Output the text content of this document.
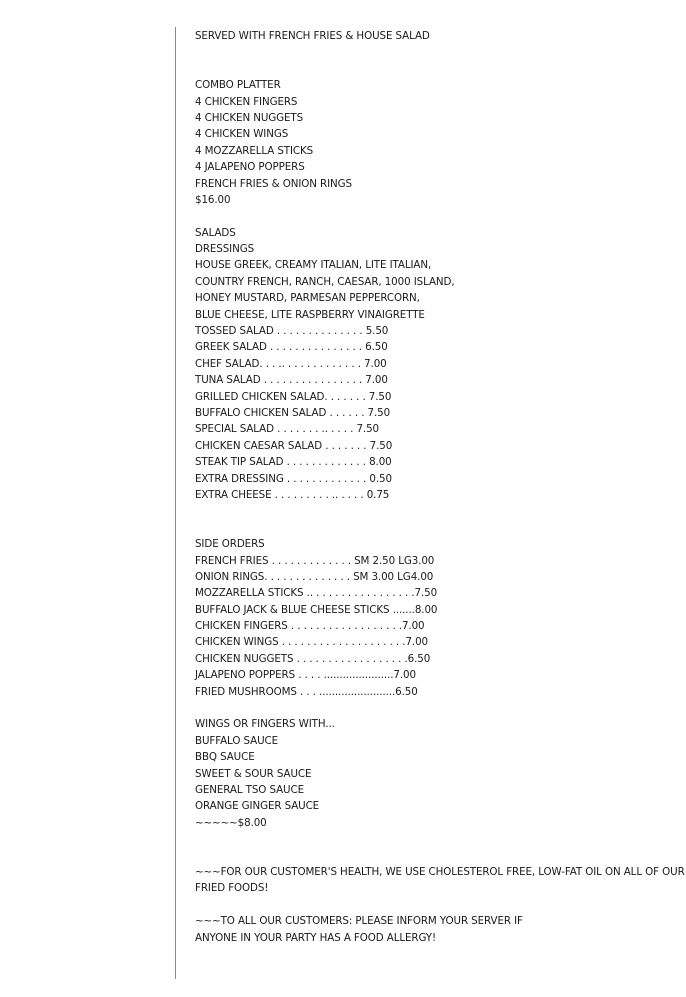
SERVED WITH FRENCH FRIES & HOUSE SALAD
COMBO PLATTER
4 CHICKEN FINGERS
4 CHICKEN NUGGETS
4 CHICKEN WINGS
4 MOZZARELLA STICKS
4 JALAPENO POPPERS
FRENCH FRIES & ONION RINGS
$16.00
SALADS
DRESSINGS
HOUSE GREEK, CREAMY ITALIAN, LITE ITALIAN,
COUNTRY FRENCH, RANCH, CAESAR, 1000 ISLAND,
HONEY MUSTARD, PARMESAN PEPPERCORN,
BLUE CHEESE, LITE RASPBERRY VINAIGRETTE
TOSSED SALAD . . . . . . . . . . . . . . 5.50
GREEK SALAD . . . . . . . . . . . . . . . 6.50
CHEF SALAD. . . .. . . . . . . . . . . . . 7.00
TUNA SALAD . . . . . . . . . . . . . . . . 7.00
GRILLED CHICKEN SALAD. . . . . . . 7.50
BUFFALO CHICKEN SALAD . . . . . . 7.50
SPECIAL SALAD . . . . . . . .. . . . . 7.50
CHICKEN CAESAR SALAD . . . . . . . 7.50
STEAK TIP SALAD . . . . . . . . . . . . . 8.00
EXTRA DRESSING . . . . . . . . . . . . . 0.50
EXTRA CHEESE . . . . . . . . . .. . . . . 0.75
SIDE ORDERS
FRENCH FRIES . . . . . . . . . . . . . SM 2.50 LG3.00
ONION RINGS. . . . . . . . . . . . . . SM 3.00 LG4.00
MOZZARELLA STICKS .. . . . . . . . . . . . . . . . .7.50
BUFFALO JACK & BLUE CHEESE STICKS .......8.00
CHICKEN FINGERS . . . . . . . . . . . . . . . . . .7.00
CHICKEN WINGS . . . . . . . . . . . . . . . . . . . .7.00
CHICKEN NUGGETS . . . . . . . . . . . . . . . . . .6.50
JALAPENO POPPERS . . . . ......................7.00
FRIED MUSHROOMS . . . ........................6.50
WINGS OR FINGERS WITH...
BUFFALO SAUCE
BBQ SAUCE
SWEET & SOUR SAUCE
GENERAL TSO SAUCE
ORANGE GINGER SAUCE
~~~~~$8.00
~~~FOR OUR CUSTOMER'S HEALTH, WE USE CHOLESTEROL FREE, LOW-FAT OIL ON ALL OF OUR
FRIED FOODS!
~~~TO ALL OUR CUSTOMERS: PLEASE INFORM YOUR SERVER IF
ANYONE IN YOUR PARTY HAS A FOOD ALLERGY!
